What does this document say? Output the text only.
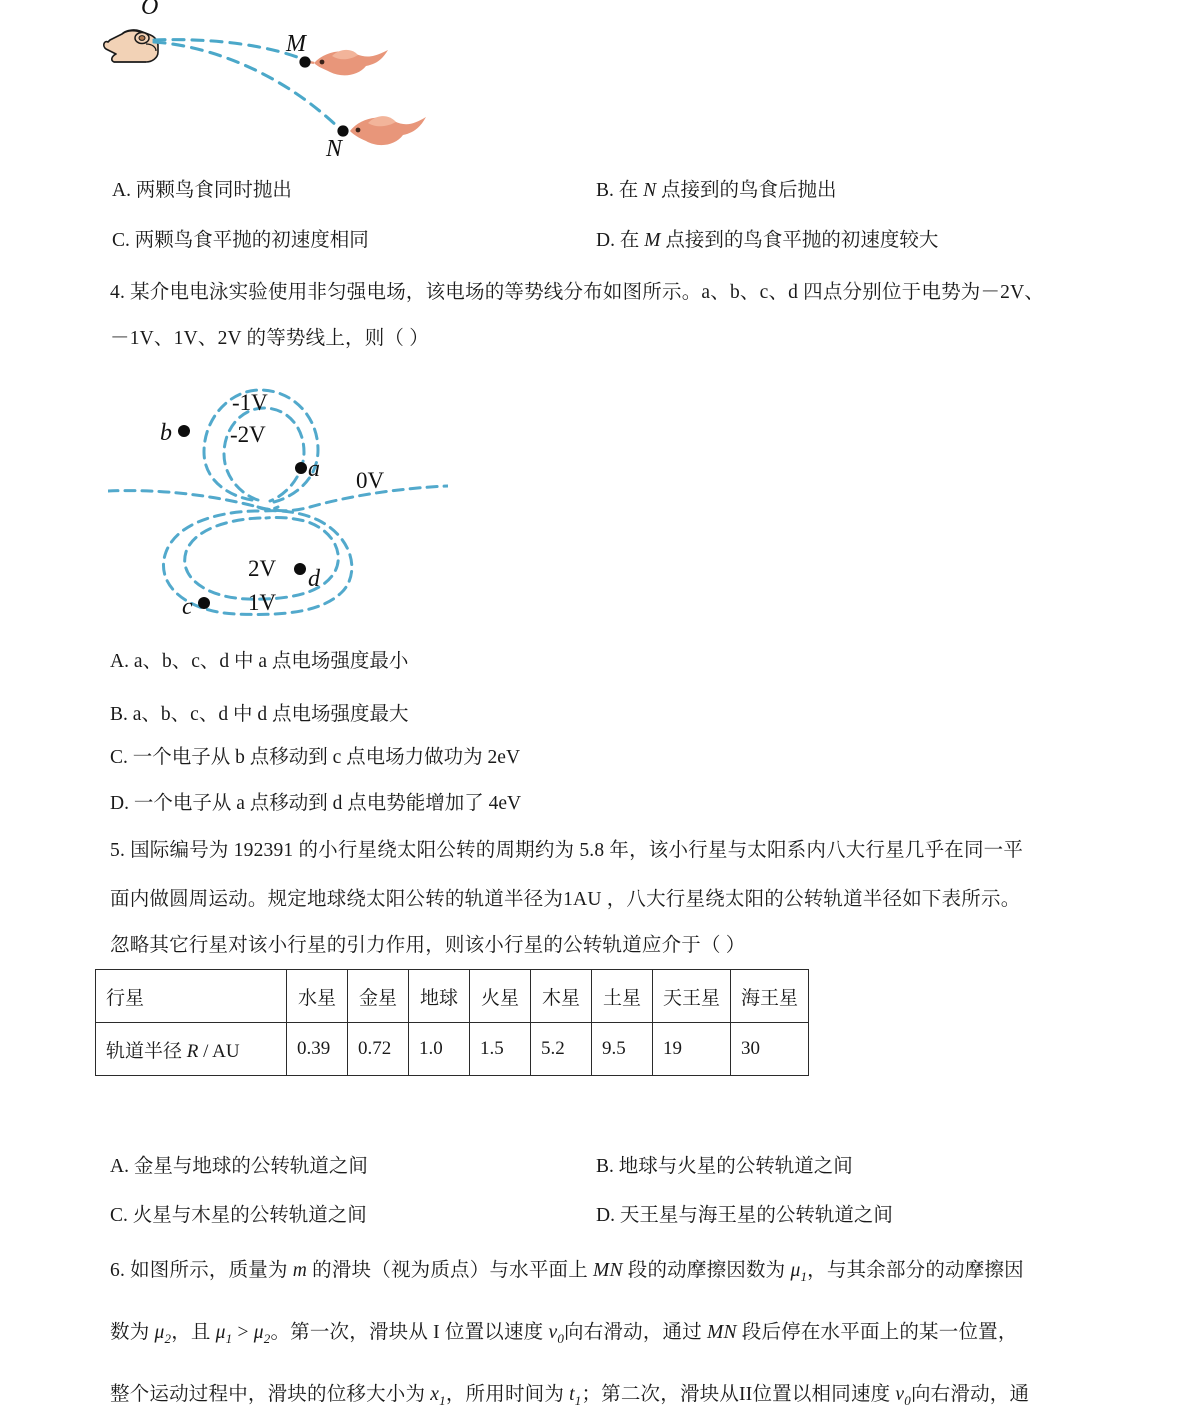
O
M
N
A. 两颗鸟食同时抛出	B. 在 N 点接到的鸟食后抛出
C. 两颗鸟食平抛的初速度相同	D. 在 M 点接到的鸟食平抛的初速度较大
4. 某介电电泳实验使用非匀强电场，该电场的等势线分布如图所示。a、b、c、d 四点分别位于电势为－2V、
－1V、1V、2V 的等势线上，则（ ）
-1V
-2V
0V
2V
1V
a
b
c
d
A. a、b、c、d 中 a 点电场强度最小
B. a、b、c、d 中 d 点电场强度最大
C. 一个电子从 b 点移动到 c 点电场力做功为 2eV
D. 一个电子从 a 点移动到 d 点电势能增加了 4eV
5. 国际编号为 192391 的小行星绕太阳公转的周期约为 5.8 年，该小行星与太阳系内八大行星几乎在同一平
面内做圆周运动。规定地球绕太阳公转的轨道半径为1AU ，八大行星绕太阳的公转轨道半径如下表所示。
忽略其它行星对该小行星的引力作用，则该小行星的公转轨道应介于（ ）
行星	水星	金星	地球	火星	木星	土星	天王星	海王星
轨道半径 R / AU	0.39	0.72	1.0	1.5	5.2	9.5	19	30
A. 金星与地球的公转轨道之间	B. 地球与火星的公转轨道之间
C. 火星与木星的公转轨道之间	D. 天王星与海王星的公转轨道之间
6. 如图所示，质量为 m 的滑块（视为质点）与水平面上 MN 段的动摩擦因数为 $\mu_1$，与其余部分的动摩擦因
数为 $\mu_2$，且 $\mu_1 > \mu_2$。第一次，滑块从 I 位置以速度 $v_0$向右滑动，通过 MN 段后停在水平面上的某一位置，
整个运动过程中，滑块的位移大小为 $x_1$，所用时间为 $t_1$；第二次，滑块从II位置以相同速度 $v_0$向右滑动，通
